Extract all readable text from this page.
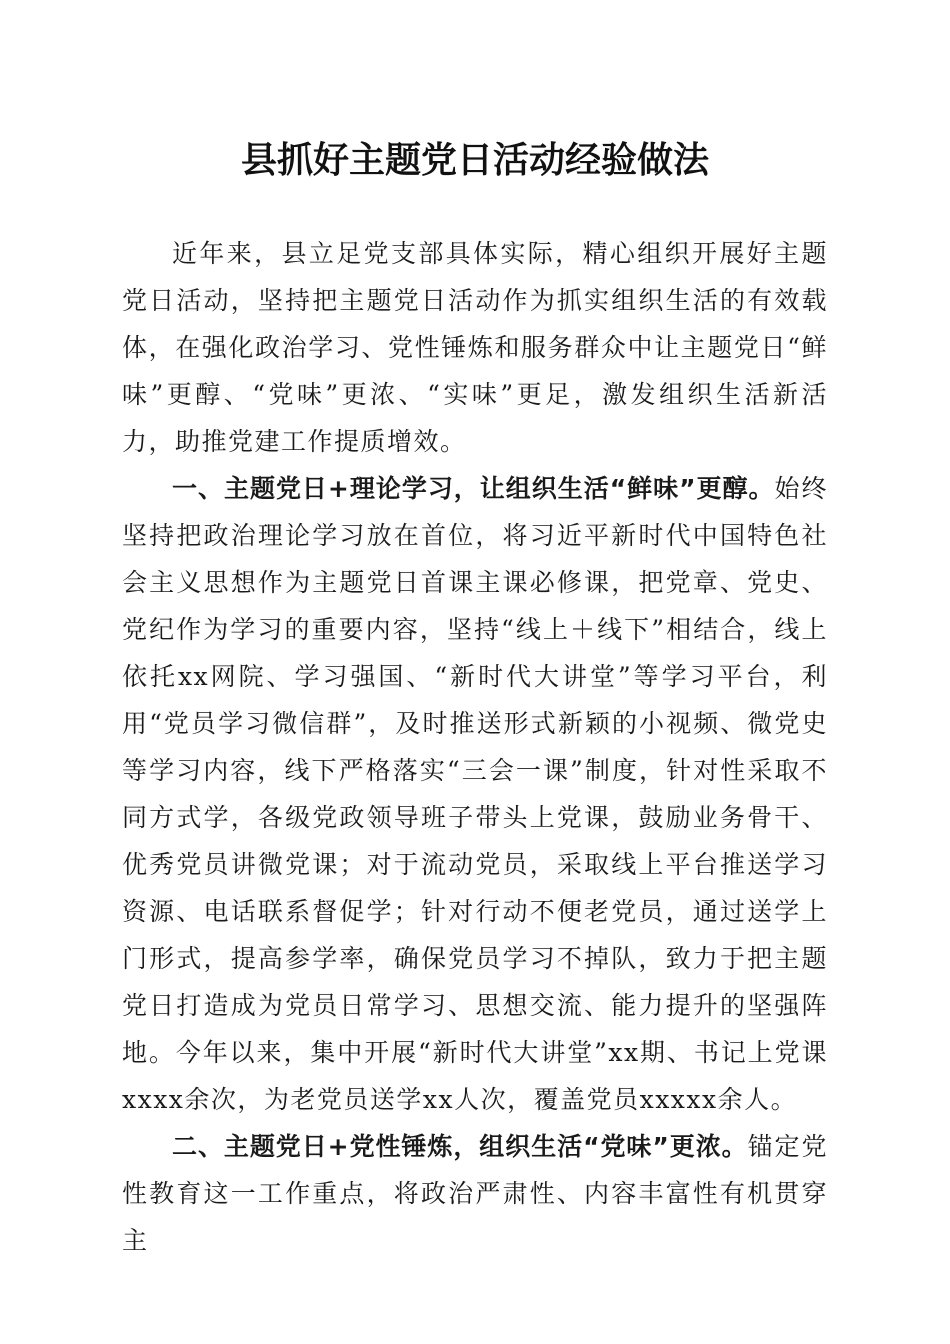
县抓好主题党日活动经验做法

近年来，县立足党支部具体实际，精心组织开展好主题党日活动，坚持把主题党日活动作为抓实组织生活的有效载体，在强化政治学习、党性锤炼和服务群众中让主题党日“鲜味”更醇、“党味”更浓、“实味”更足，激发组织生活新活力，助推党建工作提质增效。

一、主题党日+理论学习，让组织生活“鲜味”更醇。始终坚持把政治理论学习放在首位，将习近平新时代中国特色社会主义思想作为主题党日首课主课必修课，把党章、党史、党纪作为学习的重要内容，坚持“线上＋线下”相结合，线上依托xx网院、学习强国、“新时代大讲堂”等学习平台，利用“党员学习微信群”，及时推送形式新颖的小视频、微党史等学习内容，线下严格落实“三会一课”制度，针对性采取不同方式学，各级党政领导班子带头上党课，鼓励业务骨干、优秀党员讲微党课；对于流动党员，采取线上平台推送学习资源、电话联系督促学；针对行动不便老党员，通过送学上门形式，提高参学率，确保党员学习不掉队，致力于把主题党日打造成为党员日常学习、思想交流、能力提升的坚强阵地。今年以来，集中开展“新时代大讲堂”xx期、书记上党课xxxx余次，为老党员送学xx人次，覆盖党员xxxxx余人。

二、主题党日+党性锤炼，组织生活“党味”更浓。锚定党性教育这一工作重点，将政治严肃性、内容丰富性有机贯穿主
